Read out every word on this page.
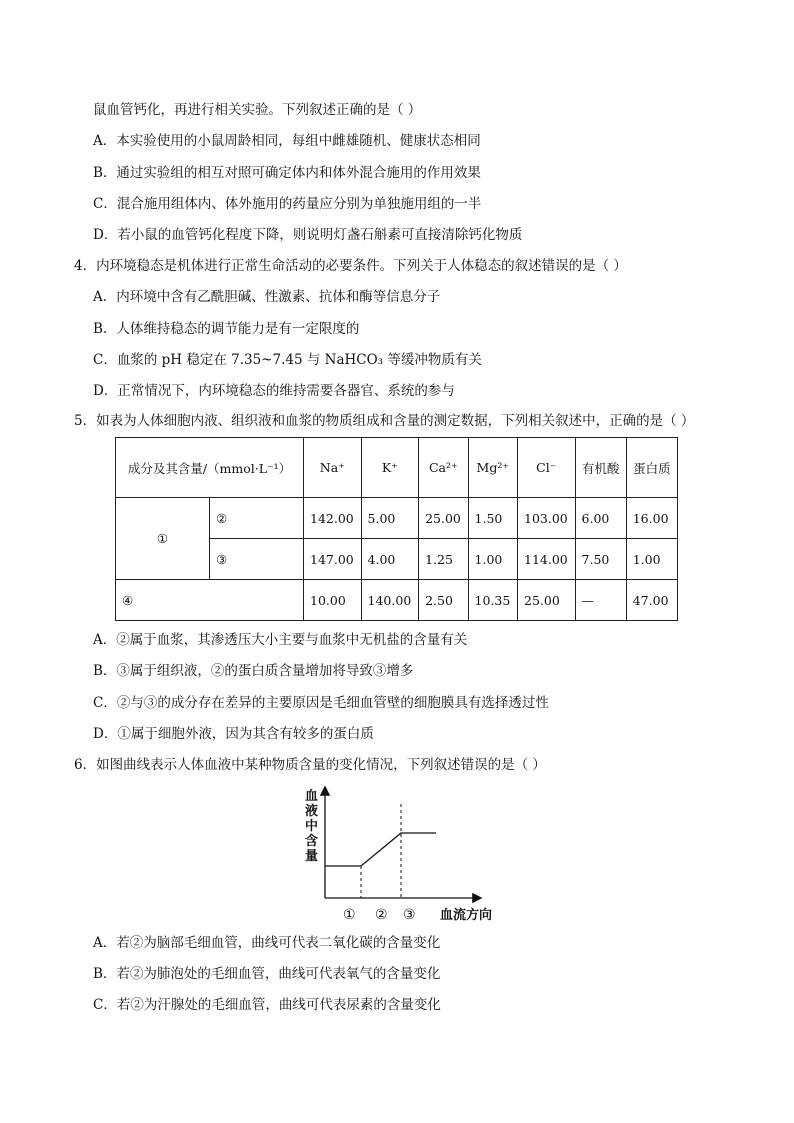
鼠血管钙化，再进行相关实验。下列叙述正确的是（ ）
A．本实验使用的小鼠周龄相同，每组中雌雄随机、健康状态相同
B．通过实验组的相互对照可确定体内和体外混合施用的作用效果
C．混合施用组体内、体外施用的药量应分别为单独施用组的一半
D．若小鼠的血管钙化程度下降，则说明灯盏石斛素可直接清除钙化物质
4．内环境稳态是机体进行正常生命活动的必要条件。下列关于人体稳态的叙述错误的是（ ）
A．内环境中含有乙酰胆碱、性激素、抗体和酶等信息分子
B．人体维持稳态的调节能力是有一定限度的
C．血浆的 pH 稳定在 7.35~7.45 与 NaHCO₃ 等缓冲物质有关
D．正常情况下，内环境稳态的维持需要各器官、系统的参与
5．如表为人体细胞内液、组织液和血浆的物质组成和含量的测定数据，下列相关叙述中，正确的是（ ）
成分及其含量/（mmol·L⁻¹）		Na⁺	K⁺	Ca²⁺	Mg²⁺	Cl⁻	有机酸	蛋白质
①	②	142.00	5.00	25.00	1.50	103.00	6.00	16.00
	③	147.00	4.00	1.25	1.00	114.00	7.50	1.00
④		10.00	140.00	2.50	10.35	25.00	—	47.00
A．②属于血浆，其渗透压大小主要与血浆中无机盐的含量有关
B．③属于组织液，②的蛋白质含量增加将导致③增多
C．②与③的成分存在差异的主要原因是毛细血管壁的细胞膜具有选择透过性
D．①属于细胞外液，因为其含有较多的蛋白质
6．如图曲线表示人体血液中某种物质含量的变化情况，下列叙述错误的是（ ）
血液中含量
① ② ③ 血流方向
A．若②为脑部毛细血管，曲线可代表二氧化碳的含量变化
B．若②为肺泡处的毛细血管，曲线可代表氧气的含量变化
C．若②为汗腺处的毛细血管，曲线可代表尿素的含量变化
